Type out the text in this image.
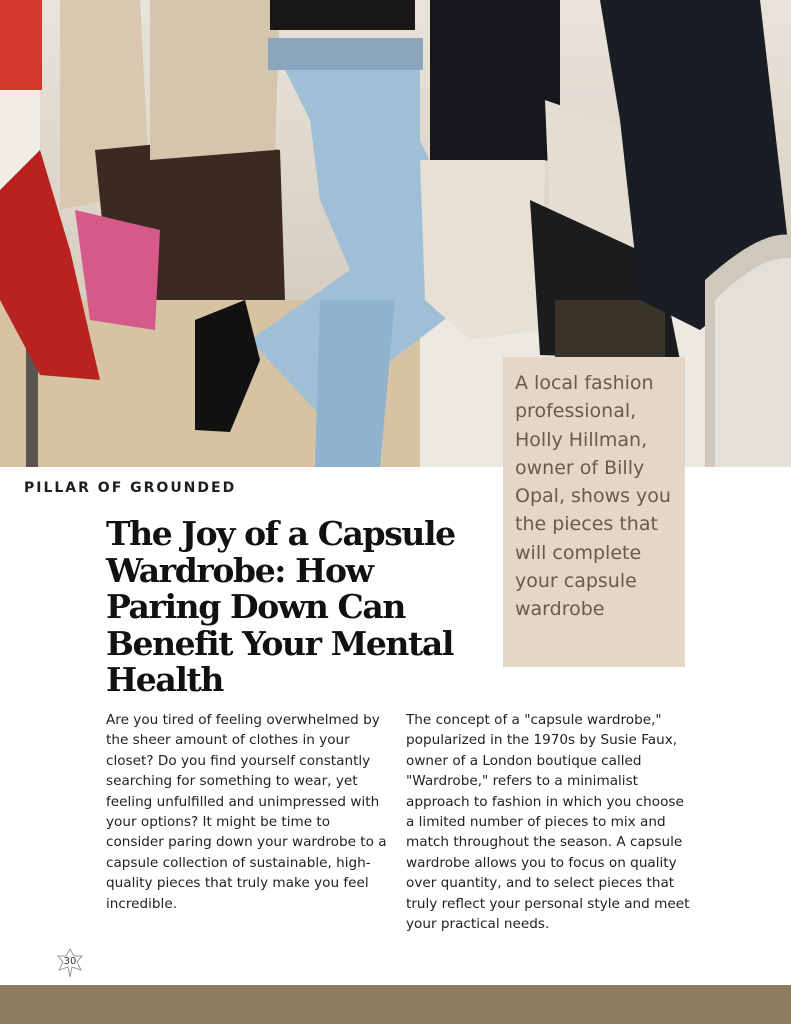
A local fashion professional, Holly Hillman, owner of Billy Opal, shows you the pieces that will complete your capsule wardrobe

PILLAR OF GROUNDED
The Joy of a Capsule Wardrobe: How Paring Down Can Benefit Your Mental Health

Are you tired of feeling overwhelmed by the sheer amount of clothes in your closet? Do you find yourself constantly searching for something to wear, yet feeling unfulfilled and unimpressed with your options? It might be time to consider paring down your wardrobe to a capsule collection of sustainable, high-quality pieces that truly make you feel incredible.

The concept of a "capsule wardrobe," popularized in the 1970s by Susie Faux, owner of a London boutique called "Wardrobe," refers to a minimalist approach to fashion in which you choose a limited number of pieces to mix and match throughout the season. A capsule wardrobe allows you to focus on quality over quantity, and to select pieces that truly reflect your personal style and meet your practical needs.

30
